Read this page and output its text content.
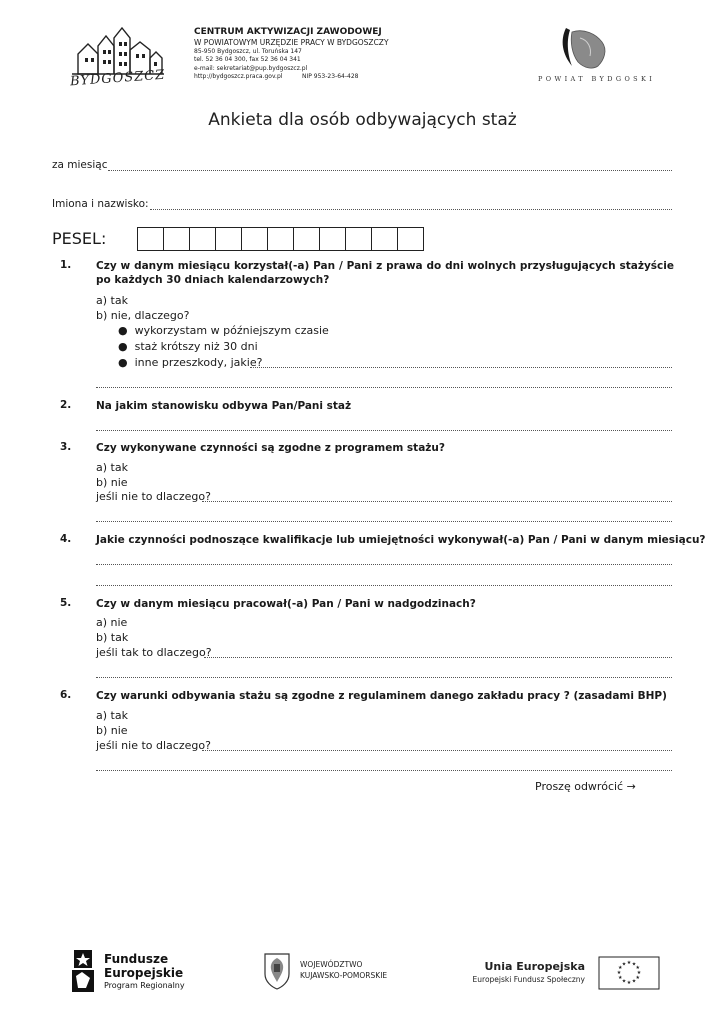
BYDGOSZCZ
CENTRUM AKTYWIZACJI ZAWODOWEJ
W POWIATOWYM URZĘDZIE PRACY W BYDGOSZCZY
85-950 Bydgoszcz, ul. Toruńska 147
tel. 52 36 04 300, fax 52 36 04 341
e-mail: sekretariat@pup.bydgoszcz.pl
http://bydgoszcz.praca.gov.pl	NIP 953-23-64-428	POWIAT BYDGOSKI
Ankieta dla osób odbywających staż
za miesiąc
Imiona i nazwisko:
PESEL:
1. Czy w danym miesiącu korzystał(-a) Pan / Pani z prawa do dni wolnych przysługujących stażyście po każdych 30 dniach kalendarzowych?
a) tak
b) nie, dlaczego?
● wykorzystam w późniejszym czasie
● staż krótszy niż 30 dni
● inne przeszkody, jakie?
2. Na jakim stanowisku odbywa Pan/Pani staż
3. Czy wykonywane czynności są zgodne z programem stażu?
a) tak
b) nie
jeśli nie to dlaczego?
4. Jakie czynności podnoszące kwalifikacje lub umiejętności wykonywał(-a) Pan / Pani w danym miesiącu?
5. Czy w danym miesiącu pracował(-a) Pan / Pani w nadgodzinach?
a) nie
b) tak
jeśli tak to dlaczego?
6. Czy warunki odbywania stażu są zgodne z regulaminem danego zakładu pracy ? (zasadami BHP)
a) tak
b) nie
jeśli nie to dlaczego?
Proszę odwrócić →
Fundusze
Europejskie
Program Regionalny
WOJEWÓDZTWO
KUJAWSKO-POMORSKIE
Unia Europejska
Europejski Fundusz Społeczny
★ ★
★
★
★
★
★
★
★
★
★
★
